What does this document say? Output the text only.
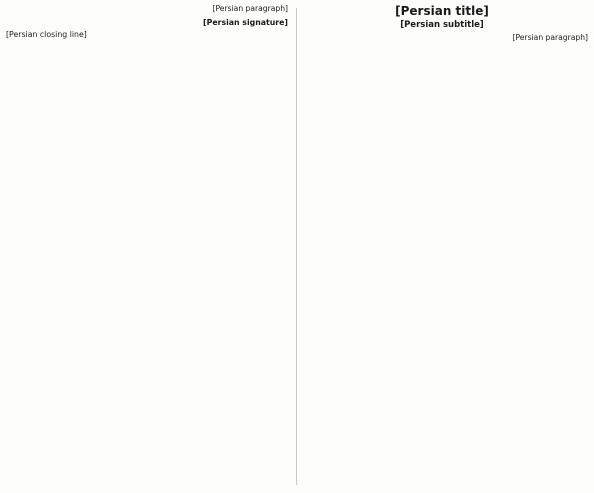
[Persian title]
[Persian subtitle]

[Persian paragraph]

[Persian paragraph]

[Persian signature]
[Persian closing line]
